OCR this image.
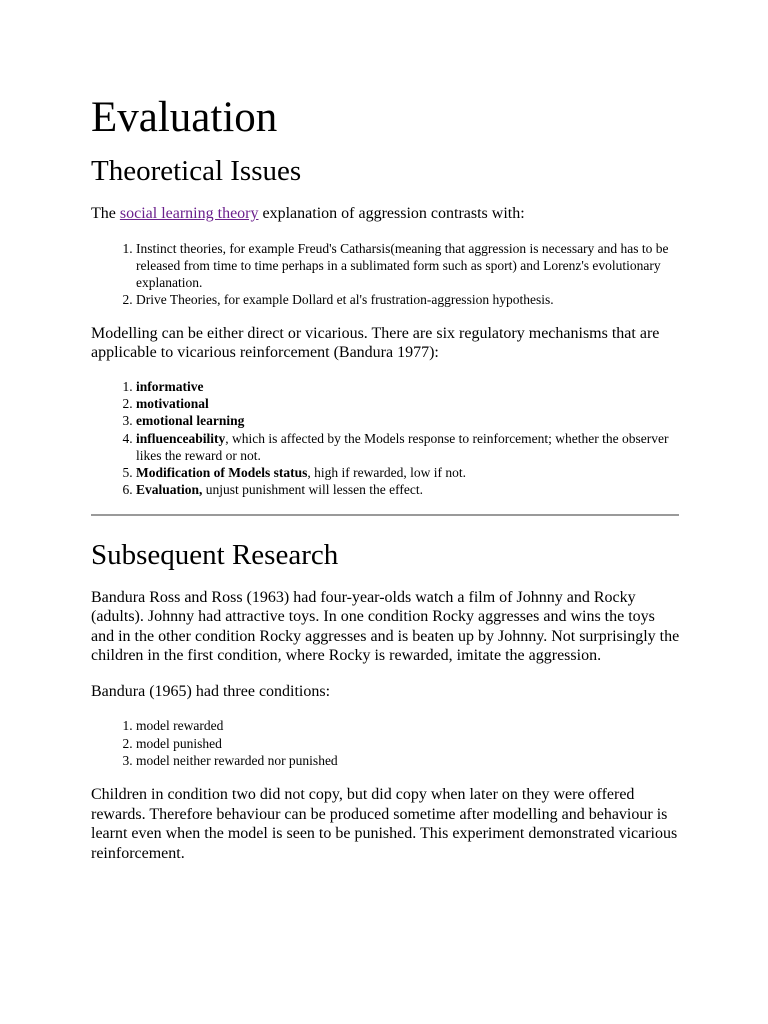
Evaluation
Theoretical Issues

The social learning theory explanation of aggression contrasts with:

1. Instinct theories, for example Freud's Catharsis(meaning that aggression is necessary and has to be released from time to time perhaps in a sublimated form such as sport) and Lorenz's evolutionary explanation.
2. Drive Theories, for example Dollard et al's frustration-aggression hypothesis.

Modelling can be either direct or vicarious. There are six regulatory mechanisms that are applicable to vicarious reinforcement (Bandura 1977):

1. informative
2. motivational
3. emotional learning
4. influenceability, which is affected by the Models response to reinforcement; whether the observer likes the reward or not.
5. Modification of Models status, high if rewarded, low if not.
6. Evaluation, unjust punishment will lessen the effect.
Subsequent Research

Bandura Ross and Ross (1963) had four-year-olds watch a film of Johnny and Rocky (adults). Johnny had attractive toys. In one condition Rocky aggresses and wins the toys and in the other condition Rocky aggresses and is beaten up by Johnny. Not surprisingly the children in the first condition, where Rocky is rewarded, imitate the aggression.

Bandura (1965) had three conditions:

1. model rewarded
2. model punished
3. model neither rewarded nor punished

Children in condition two did not copy, but did copy when later on they were offered rewards. Therefore behaviour can be produced sometime after modelling and behaviour is learnt even when the model is seen to be punished. This experiment demonstrated vicarious reinforcement.
